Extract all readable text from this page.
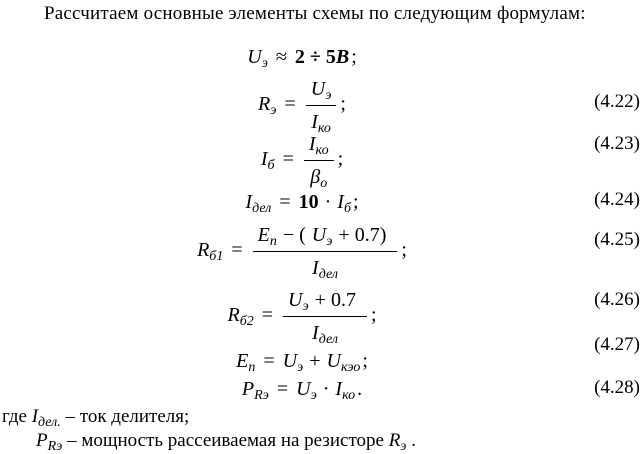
Рассчитаем основные элементы схемы по следующим формулам:

$U_э \approx 2 \div 5В$ ;
$R_э = \frac{U_э}{I_{ко}}$ ;	(4.22)
$I_б = \frac{I_{ко}}{\beta_о}$ ;
(4.23)
$I_{дел} = 10 \cdot I_б$ ;	(4.24)
$R_{б1} = \frac{E_п - ( U_э + 0.7)}{I_{дел}}$ ;	(4.25)
$R_{б2} = \frac{U_э + 0.7}{I_{дел}}$ ;
(4.26)
$E_п = U_э + U_{кэо}$ ;
(4.27)
$P_{Rэ} = U_э \cdot I_{ко}$ .	(4.28)

где $I_{дел.}$ – ток делителя;

$P_{Rэ}$ – мощность рассеиваемая на резисторе $R_э$ .
